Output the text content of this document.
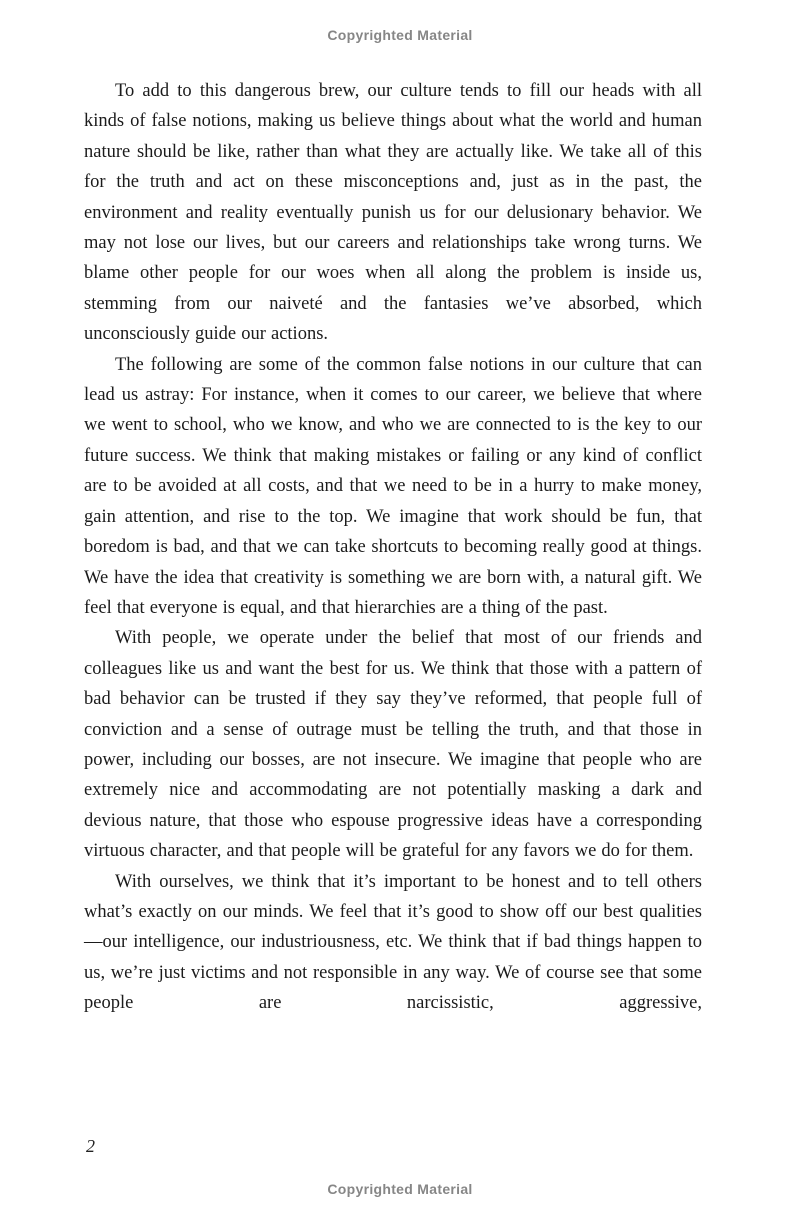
Copyrighted Material

To add to this dangerous brew, our culture tends to fill our heads with all kinds of false notions, making us believe things about what the world and human nature should be like, rather than what they are actually like. We take all of this for the truth and act on these misconceptions and, just as in the past, the environment and reality eventually punish us for our delusionary behavior. We may not lose our lives, but our careers and relationships take wrong turns. We blame other people for our woes when all along the problem is inside us, stemming from our naiveté and the fantasies we’ve absorbed, which unconsciously guide our actions.

The following are some of the common false notions in our culture that can lead us astray: For instance, when it comes to our career, we believe that where we went to school, who we know, and who we are connected to is the key to our future success. We think that making mistakes or failing or any kind of conflict are to be avoided at all costs, and that we need to be in a hurry to make money, gain attention, and rise to the top. We imagine that work should be fun, that boredom is bad, and that we can take shortcuts to becoming really good at things. We have the idea that creativity is something we are born with, a natural gift. We feel that everyone is equal, and that hierarchies are a thing of the past.

With people, we operate under the belief that most of our friends and colleagues like us and want the best for us. We think that those with a pattern of bad behavior can be trusted if they say they’ve reformed, that people full of conviction and a sense of outrage must be telling the truth, and that those in power, including our bosses, are not insecure. We imagine that people who are extremely nice and accommodating are not potentially masking a dark and devious nature, that those who espouse progressive ideas have a corresponding virtuous character, and that people will be grateful for any favors we do for them.

With ourselves, we think that it’s important to be honest and to tell others what’s exactly on our minds. We feel that it’s good to show off our best qualities—our intelligence, our industriousness, etc. We think that if bad things happen to us, we’re just victims and not responsible in any way. We of course see that some people are narcissistic, aggressive,

2
Copyrighted Material
